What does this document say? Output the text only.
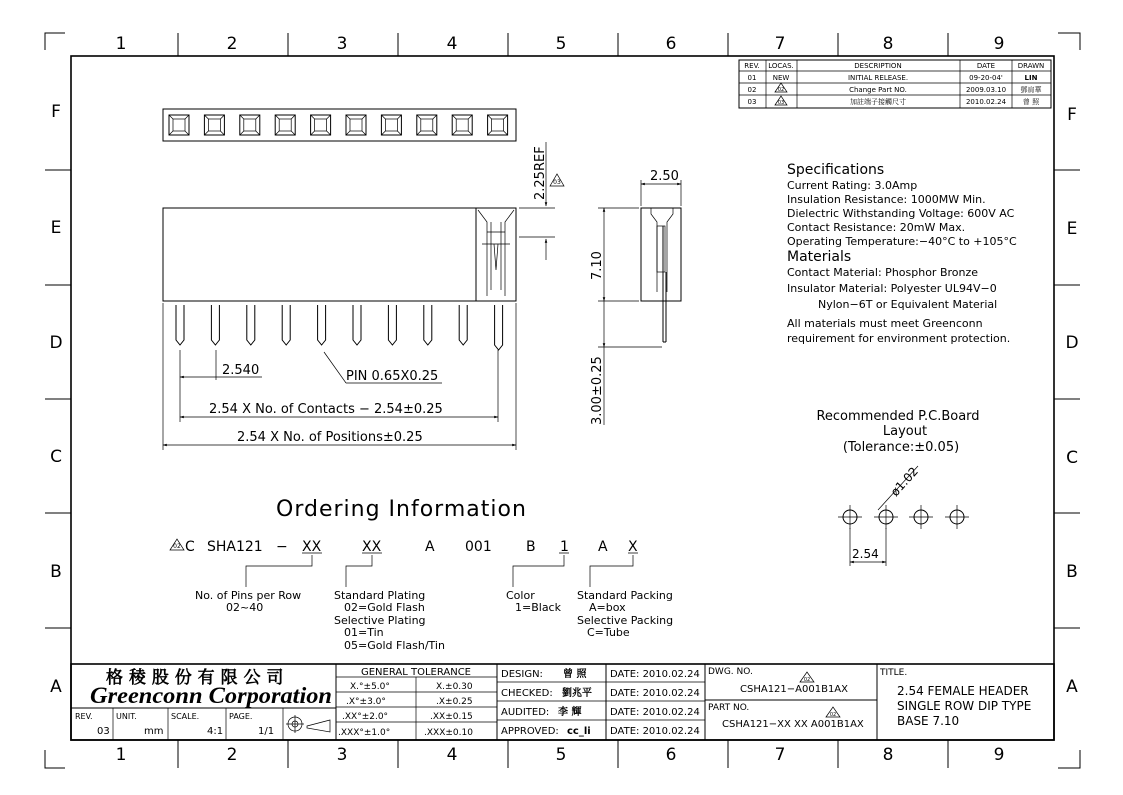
1	2	3	4	5	6	7	8	9
1	2	3	4	5	6	7	8	9
F
E
D
C
B
A
F
E
D
C
B
A
REV. LOCAS.	DESCRIPTION	DATE	DRAWN
01 NEW	INITIAL RELEASE.	09-20-04'	LIN
02	02	Change Part NO.	2009.03.10 鄧肩華
03	03	加註端子接觸尺寸	2010.02.24 曾 照
2.25REF 03
2.540	PIN 0.65X0.25
2.54 X No. of Contacts − 2.54±0.25
2.54 X No. of Positions±0.25
2.50
7.10
3.00±0.25
Specifications
Current Rating: 3.0Amp
Insulation Resistance: 1000MW Min.
Dielectric Withstanding Voltage: 600V AC
Contact Resistance: 20mW Max.
Operating Temperature:−40°C to +105°C
Materials
Contact Material: Phosphor Bronze
Insulator Material: Polyester UL94V−0
Nylon−6T or Equivalent Material
All materials must meet Greenconn
requirement for environment protection.
Recommended P.C.Board
Layout
(Tolerance:±0.05)
ø1.02
2.54
Ordering Information
02 C SHA121 − XX	XX	A 001 B 1 A X
No. of Pins per Row
02~40
Standard Plating
02=Gold Flash
Selective Plating
01=Tin
05=Gold Flash/Tin
Color
1=Black
Standard Packing
A=box
Selective Packing
C=Tube
格 稜 股 份 有 限 公 司
Greenconn Corporation
REV.
03
UNIT.
mm
SCALE.
4:1
PAGE.
1/1
GENERAL TOLERANCE
X.°±5.0°	X.±0.30
.X°±3.0°	.X±0.25
.XX°±2.0°	.XX±0.15
.XXX°±1.0°	.XXX±0.10
DESIGN: 曾 照 DATE: 2010.02.24
CHECKED: 劉兆平 DATE: 2010.02.24
AUDITED: 李 輝	DATE: 2010.02.24
APPROVED: cc_li DATE: 2010.02.24
DWG. NO.
02
CSHA121−A001B1AX
PART NO.
02
CSHA121−XX XX A001B1AX
TITLE.
2.54 FEMALE HEADER
SINGLE ROW DIP TYPE
BASE 7.10
